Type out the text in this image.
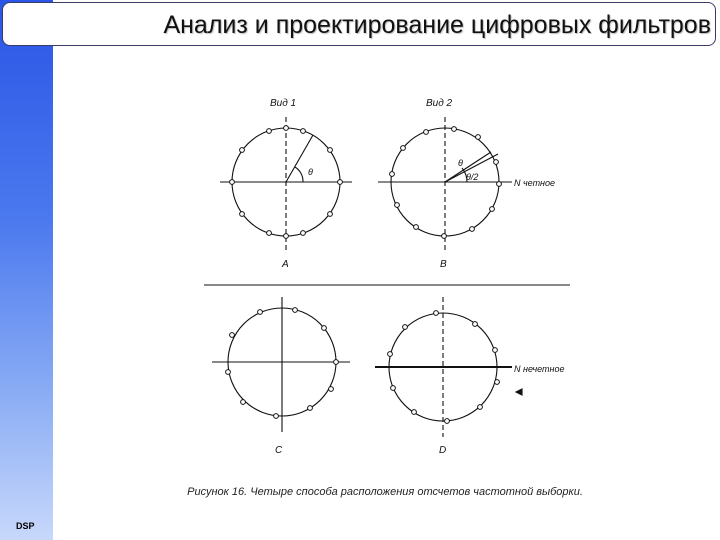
Анализ и проектирование цифровых фильтров
Вид 1	Вид 2
θ
θ
θ/2
N четное
N нечетное
A	B
C	D
Рисунок 16. Четыре способа расположения отсчетов частотной выборки.
DSP
